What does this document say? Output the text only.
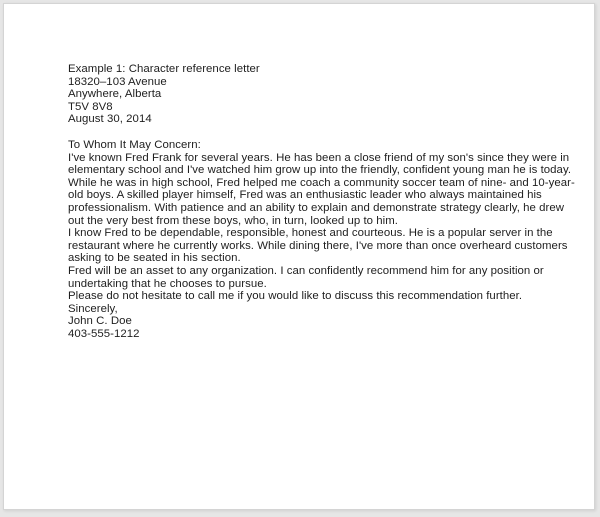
Example 1: Character reference letter

18320–103 Avenue
Anywhere, Alberta
T5V 8V8
August 30, 2014

To Whom It May Concern:

I've known Fred Frank for several years. He has been a close friend of my son's since they were in elementary school and I've watched him grow up into the friendly, confident young man he is today.

While he was in high school, Fred helped me coach a community soccer team of nine- and 10-year-old boys. A skilled player himself, Fred was an enthusiastic leader who always maintained his professionalism. With patience and an ability to explain and demonstrate strategy clearly, he drew out the very best from these boys, who, in turn, looked up to him.

I know Fred to be dependable, responsible, honest and courteous. He is a popular server in the restaurant where he currently works. While dining there, I've more than once overheard customers asking to be seated in his section.

Fred will be an asset to any organization. I can confidently recommend him for any position or undertaking that he chooses to pursue.

Please do not hesitate to call me if you would like to discuss this recommendation further.

Sincerely,

John C. Doe
403-555-1212
